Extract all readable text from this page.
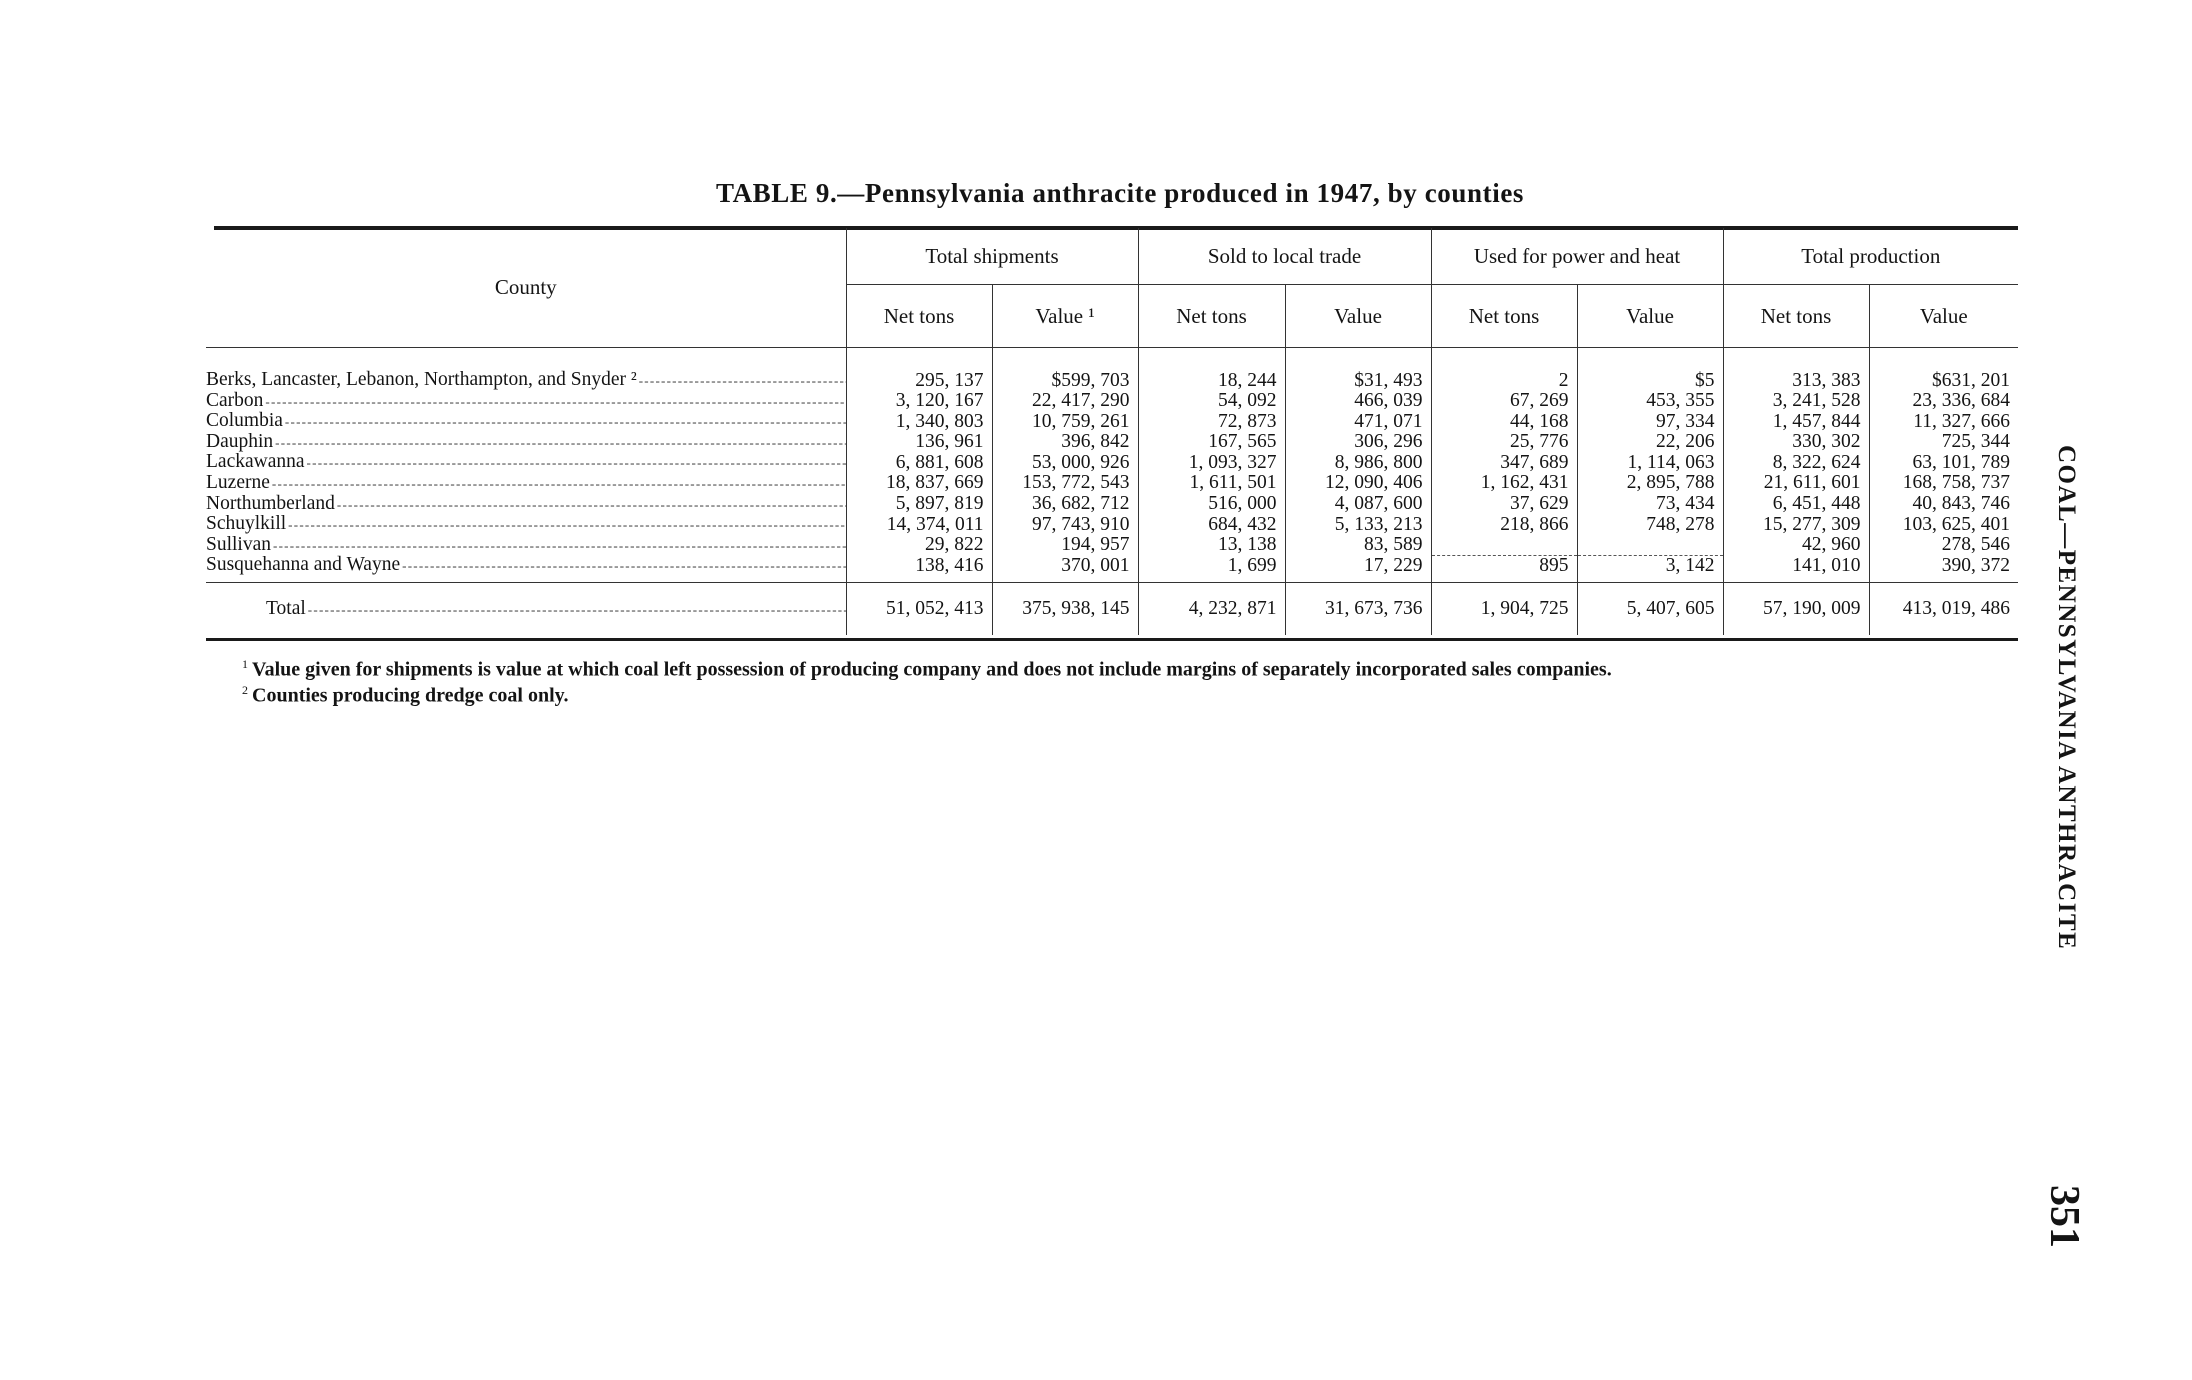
TABLE 9.—Pennsylvania anthracite produced in 1947, by counties
County	Total shipments		Sold to local trade		Used for power and heat		Total production	
	Net tons	Value ¹	Net tons	Value	Net tons	Value	Net tons	Value

Berks, Lancaster, Lebanon, Northampton, and Snyder ² - - -	295, 137	$599, 703	18, 244	$31, 493	2	$5	313, 383	$631, 201

Carbon - - -	3, 120, 167	22, 417, 290	54, 092	466, 039	67, 269	453, 355	3, 241, 528	23, 336, 684

Columbia - - -	1, 340, 803	10, 759, 261	72, 873	471, 071	44, 168	97, 334	1, 457, 844	11, 327, 666

Dauphin - - -	136, 961	396, 842	167, 565	306, 296	25, 776	22, 206	330, 302	725, 344

Lackawanna - - -	6, 881, 608	53, 000, 926	1, 093, 327	8, 986, 800	347, 689	1, 114, 063	8, 322, 624	63, 101, 789

Luzerne - - -	18, 837, 669	153, 772, 543	1, 611, 501	12, 090, 406	1, 162, 431	2, 895, 788	21, 611, 601	168, 758, 737

Northumberland - - -	5, 897, 819	36, 682, 712	516, 000	4, 087, 600	37, 629	73, 434	6, 451, 448	40, 843, 746

Schuylkill - - -	14, 374, 011	97, 743, 910	684, 432	5, 133, 213	218, 866	748, 278	15, 277, 309	103, 625, 401

Sullivan - - -	29, 822	194, 957	13, 138	83, 589			42, 960	278, 546

Susquehanna and Wayne - - -	138, 416	370, 001	1, 699	17, 229	895	3, 142	141, 010	390, 372

Total - - -	51, 052, 413	375, 938, 145	4, 232, 871	31, 673, 736	1, 904, 725	5, 407, 605	57, 190, 009	413, 019, 486
$^1$ Value given for shipments is value at which coal left possession of producing company and does not include margins of separately incorporated sales companies.
$^2$ Counties producing dredge coal only.	COAL—PENNSYLVANIA ANTHRACITE
351
